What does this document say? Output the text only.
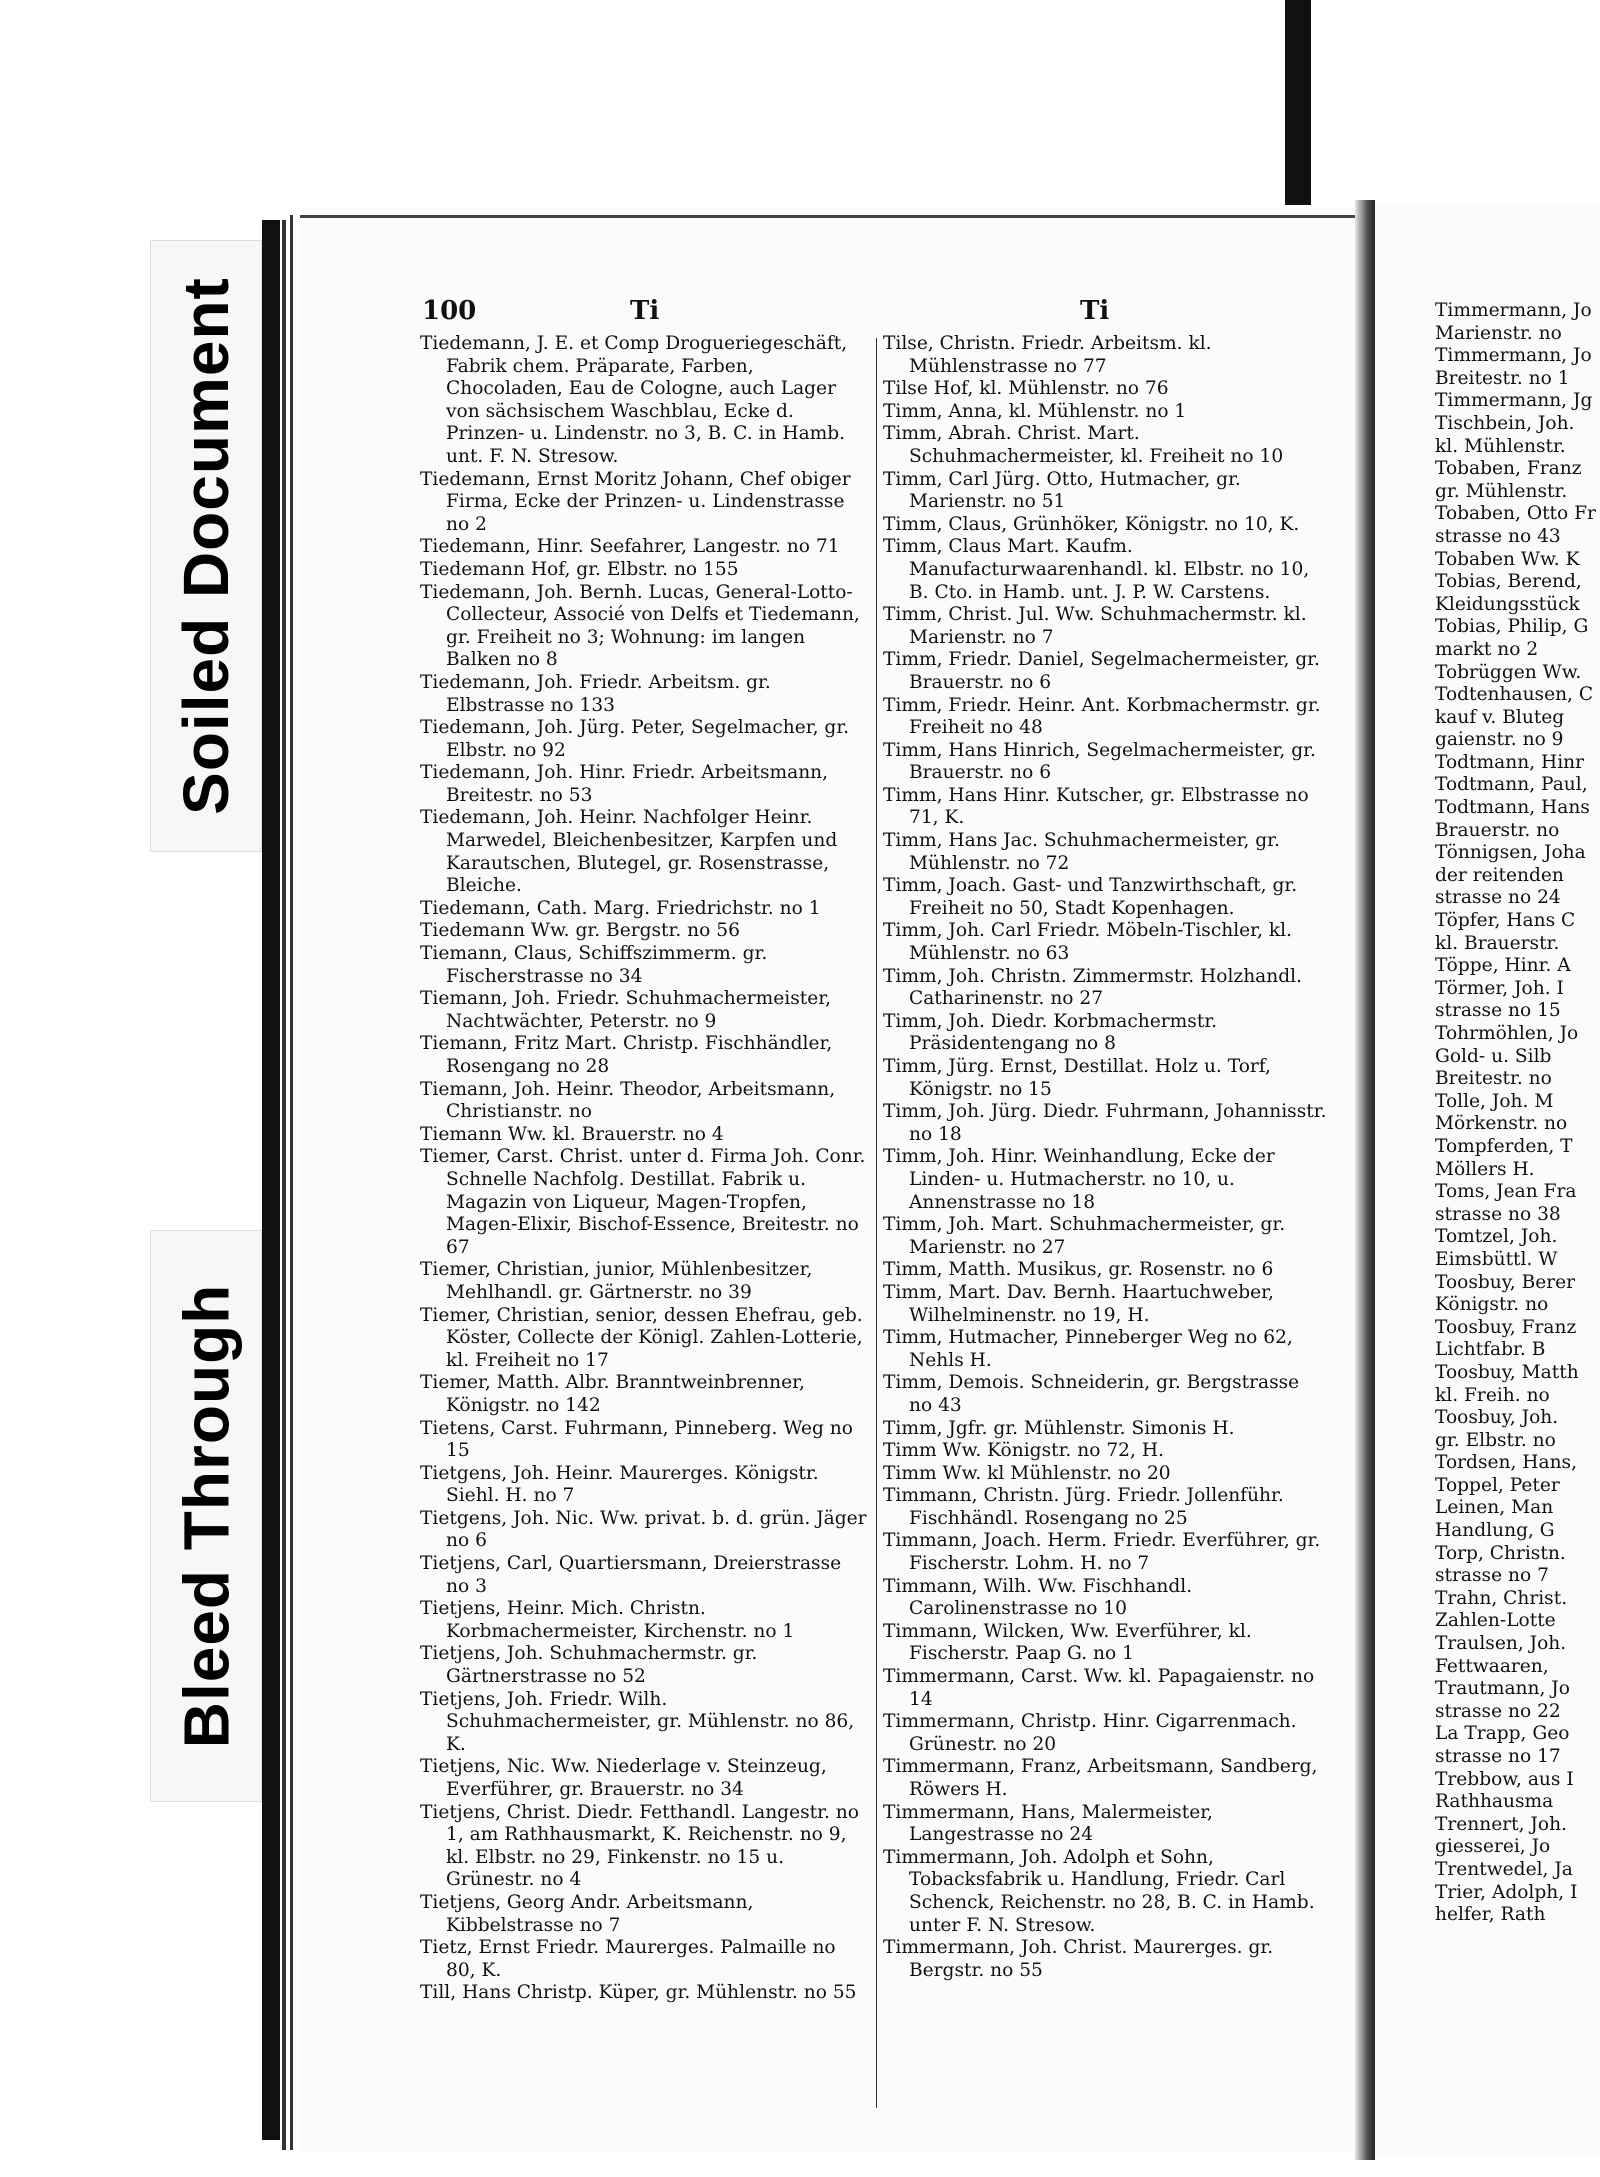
Soiled Document
Bleed Through
100	Ti	Ti

Tiedemann, J. E. et Comp Drogueriegeschäft, Fabrik chem. Präparate, Farben, Chocoladen, Eau de Cologne, auch Lager von sächsischem Waschblau, Ecke d. Prinzen- u. Lindenstr. no 3, B. C. in Hamb. unt. F. N. Stresow.

Tiedemann, Ernst Moritz Johann, Chef obiger Firma, Ecke der Prinzen- u. Lindenstrasse no 2

Tiedemann, Hinr. Seefahrer, Langestr. no 71

Tiedemann Hof, gr. Elbstr. no 155

Tiedemann, Joh. Bernh. Lucas, General-Lotto-Collecteur, Associé von Delfs et Tiedemann, gr. Freiheit no 3; Wohnung: im langen Balken no 8

Tiedemann, Joh. Friedr. Arbeitsm. gr. Elbstrasse no 133

Tiedemann, Joh. Jürg. Peter, Segelmacher, gr. Elbstr. no 92

Tiedemann, Joh. Hinr. Friedr. Arbeitsmann, Breitestr. no 53

Tiedemann, Joh. Heinr. Nachfolger Heinr. Marwedel, Bleichenbesitzer, Karpfen und Karautschen, Blutegel, gr. Rosenstrasse, Bleiche.

Tiedemann, Cath. Marg. Friedrichstr. no 1

Tiedemann Ww. gr. Bergstr. no 56

Tiemann, Claus, Schiffszimmerm. gr. Fischerstrasse no 34

Tiemann, Joh. Friedr. Schuhmachermeister, Nachtwächter, Peterstr. no 9

Tiemann, Fritz Mart. Christp. Fischhändler, Rosengang no 28

Tiemann, Joh. Heinr. Theodor, Arbeitsmann, Christianstr. no

Tiemann Ww. kl. Brauerstr. no 4

Tiemer, Carst. Christ. unter d. Firma Joh. Conr. Schnelle Nachfolg. Destillat. Fabrik u. Magazin von Liqueur, Magen-Tropfen, Magen-Elixir, Bischof-Essence, Breitestr. no 67

Tiemer, Christian, junior, Mühlenbesitzer, Mehlhandl. gr. Gärtnerstr. no 39

Tiemer, Christian, senior, dessen Ehefrau, geb. Köster, Collecte der Königl. Zahlen-Lotterie, kl. Freiheit no 17

Tiemer, Matth. Albr. Branntweinbrenner, Königstr. no 142

Tietens, Carst. Fuhrmann, Pinneberg. Weg no 15

Tietgens, Joh. Heinr. Maurerges. Königstr. Siehl. H. no 7

Tietgens, Joh. Nic. Ww. privat. b. d. grün. Jäger no 6

Tietjens, Carl, Quartiersmann, Dreierstrasse no 3

Tietjens, Heinr. Mich. Christn. Korbmachermeister, Kirchenstr. no 1

Tietjens, Joh. Schuhmachermstr. gr. Gärtnerstrasse no 52

Tietjens, Joh. Friedr. Wilh. Schuhmachermeister, gr. Mühlenstr. no 86, K.

Tietjens, Nic. Ww. Niederlage v. Steinzeug, Everführer, gr. Brauerstr. no 34

Tietjens, Christ. Diedr. Fetthandl. Langestr. no 1, am Rathhausmarkt, K. Reichenstr. no 9, kl. Elbstr. no 29, Finkenstr. no 15 u. Grünestr. no 4

Tietjens, Georg Andr. Arbeitsmann, Kibbelstrasse no 7

Tietz, Ernst Friedr. Maurerges. Palmaille no 80, K.

Till, Hans Christp. Küper, gr. Mühlenstr. no 55

Tilse, Christn. Friedr. Arbeitsm. kl. Mühlenstrasse no 77

Tilse Hof, kl. Mühlenstr. no 76

Timm, Anna, kl. Mühlenstr. no 1

Timm, Abrah. Christ. Mart. Schuhmachermeister, kl. Freiheit no 10

Timm, Carl Jürg. Otto, Hutmacher, gr. Marienstr. no 51

Timm, Claus, Grünhöker, Königstr. no 10, K.

Timm, Claus Mart. Kaufm. Manufacturwaarenhandl. kl. Elbstr. no 10, B. Cto. in Hamb. unt. J. P. W. Carstens.

Timm, Christ. Jul. Ww. Schuhmachermstr. kl. Marienstr. no 7

Timm, Friedr. Daniel, Segelmachermeister, gr. Brauerstr. no 6

Timm, Friedr. Heinr. Ant. Korbmachermstr. gr. Freiheit no 48

Timm, Hans Hinrich, Segelmachermeister, gr. Brauerstr. no 6

Timm, Hans Hinr. Kutscher, gr. Elbstrasse no 71, K.

Timm, Hans Jac. Schuhmachermeister, gr. Mühlenstr. no 72

Timm, Joach. Gast- und Tanzwirthschaft, gr. Freiheit no 50, Stadt Kopenhagen.

Timm, Joh. Carl Friedr. Möbeln-Tischler, kl. Mühlenstr. no 63

Timm, Joh. Christn. Zimmermstr. Holzhandl. Catharinenstr. no 27

Timm, Joh. Diedr. Korbmachermstr. Präsidentengang no 8

Timm, Jürg. Ernst, Destillat. Holz u. Torf, Königstr. no 15

Timm, Joh. Jürg. Diedr. Fuhrmann, Johannisstr. no 18

Timm, Joh. Hinr. Weinhandlung, Ecke der Linden- u. Hutmacherstr. no 10, u. Annenstrasse no 18

Timm, Joh. Mart. Schuhmachermeister, gr. Marienstr. no 27

Timm, Matth. Musikus, gr. Rosenstr. no 6

Timm, Mart. Dav. Bernh. Haartuchweber, Wilhelminenstr. no 19, H.

Timm, Hutmacher, Pinneberger Weg no 62, Nehls H.

Timm, Demois. Schneiderin, gr. Bergstrasse no 43

Timm, Jgfr. gr. Mühlenstr. Simonis H.

Timm Ww. Königstr. no 72, H.

Timm Ww. kl Mühlenstr. no 20

Timmann, Christn. Jürg. Friedr. Jollenführ. Fischhändl. Rosengang no 25

Timmann, Joach. Herm. Friedr. Everführer, gr. Fischerstr. Lohm. H. no 7

Timmann, Wilh. Ww. Fischhandl. Carolinenstrasse no 10

Timmann, Wilcken, Ww. Everführer, kl. Fischerstr. Paap G. no 1

Timmermann, Carst. Ww. kl. Papagaienstr. no 14

Timmermann, Christp. Hinr. Cigarrenmach. Grünestr. no 20

Timmermann, Franz, Arbeitsmann, Sandberg, Röwers H.

Timmermann, Hans, Malermeister, Langestrasse no 24

Timmermann, Joh. Adolph et Sohn, Tobacksfabrik u. Handlung, Friedr. Carl Schenck, Reichenstr. no 28, B. C. in Hamb. unter F. N. Stresow.

Timmermann, Joh. Christ. Maurerges. gr. Bergstr. no 55

Timmermann, Jo

Marienstr. no

Timmermann, Jo

Breitestr. no 1

Timmermann, Jg

Tischbein, Joh.

kl. Mühlenstr.

Tobaben, Franz

gr. Mühlenstr.

Tobaben, Otto Fr

strasse no 43

Tobaben Ww. K

Tobias, Berend,

Kleidungsstück

Tobias, Philip, G

markt no 2

Tobrüggen Ww.

Todtenhausen, C

kauf v. Bluteg

gaienstr. no 9

Todtmann, Hinr

Todtmann, Paul,

Todtmann, Hans

Brauerstr. no

Tönnigsen, Joha

der reitenden

strasse no 24

Töpfer, Hans C

kl. Brauerstr.

Töppe, Hinr. A

Törmer, Joh. I

strasse no 15

Tohrmöhlen, Jo

Gold- u. Silb

Breitestr. no

Tolle, Joh. M

Mörkenstr. no

Tompferden, T

Möllers H.

Toms, Jean Fra

strasse no 38

Tomtzel, Joh.

Eimsbüttl. W

Toosbuy, Berer

Königstr. no

Toosbuy, Franz

Lichtfabr. B

Toosbuy, Matth

kl. Freih. no

Toosbuy, Joh.

gr. Elbstr. no

Tordsen, Hans,

Toppel, Peter

Leinen, Man

Handlung, G

Torp, Christn.

strasse no 7

Trahn, Christ.

Zahlen-Lotte

Traulsen, Joh.

Fettwaaren,

Trautmann, Jo

strasse no 22

La Trapp, Geo

strasse no 17

Trebbow, aus I

Rathhausma

Trennert, Joh.

giesserei, Jo

Trentwedel, Ja

Trier, Adolph, I

helfer, Rath
